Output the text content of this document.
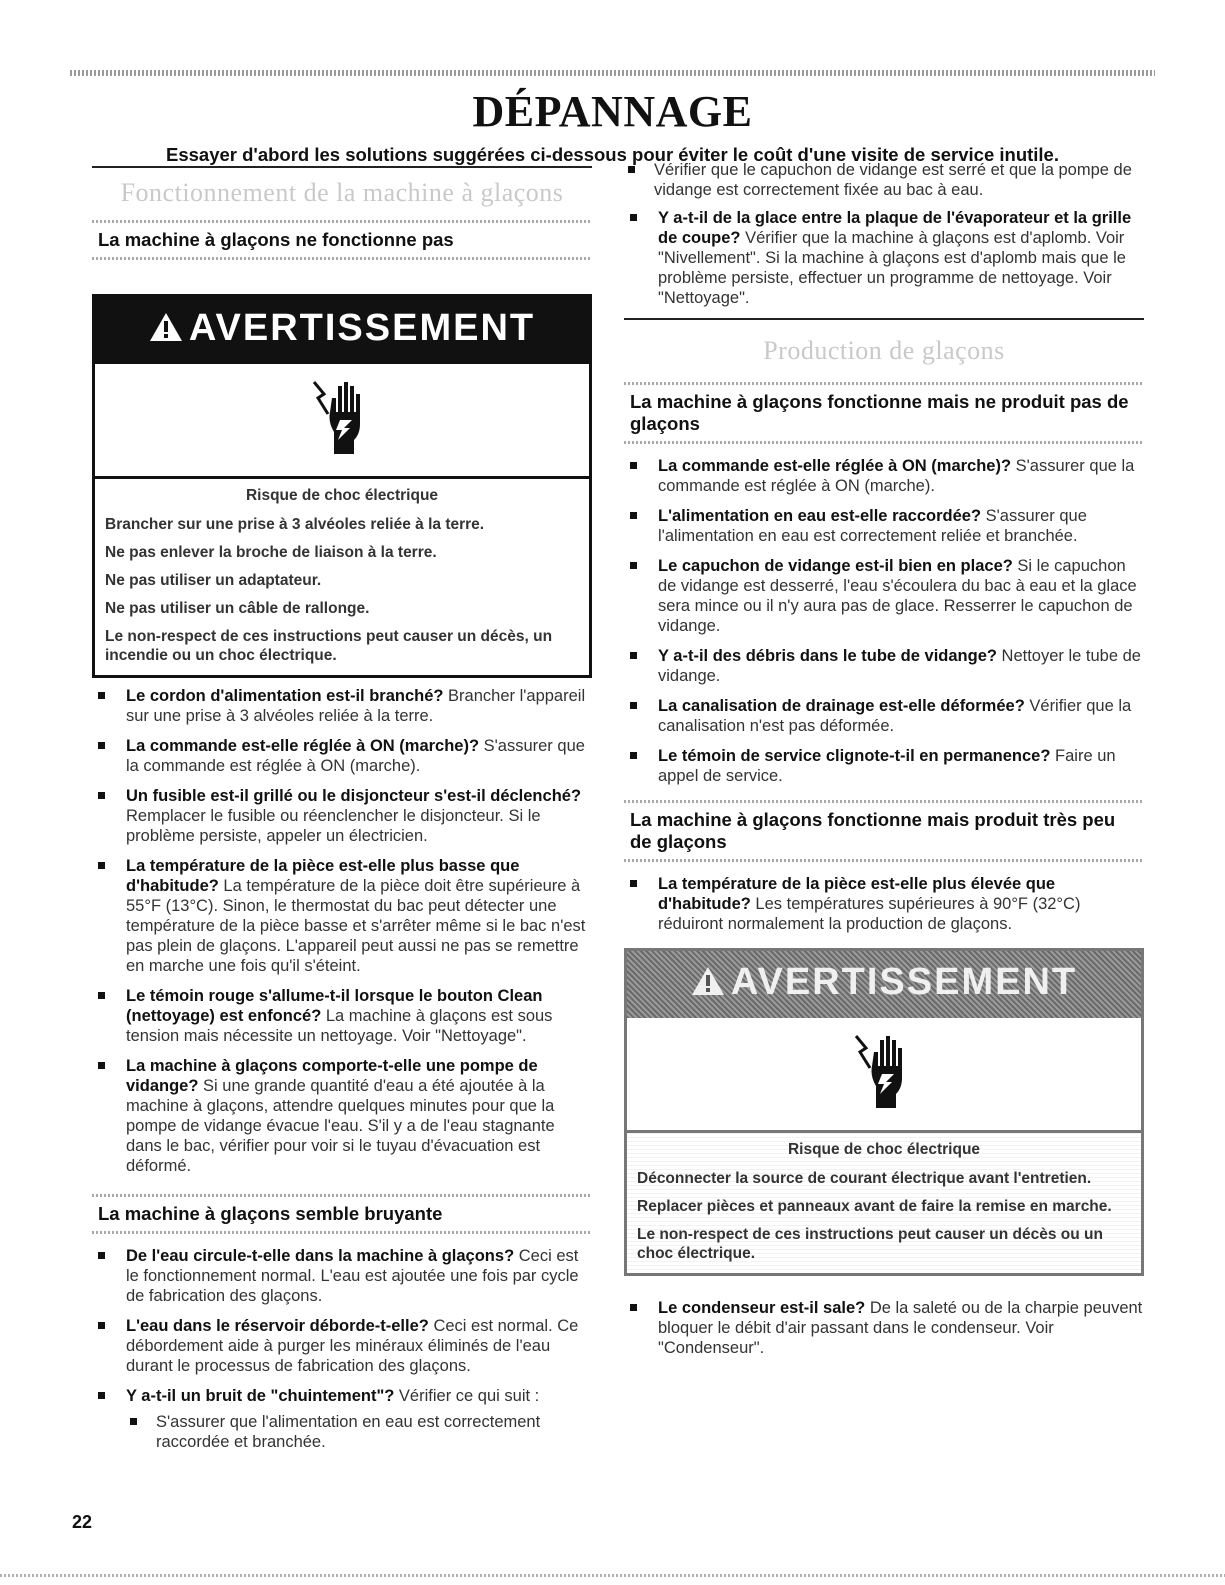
DÉPANNAGE
Essayer d'abord les solutions suggérées ci-dessous pour éviter le coût d'une visite de service inutile.

Fonctionnement de la machine à glaçons

La machine à glaçons ne fonctionne pas

AVERTISSEMENT

Risque de choc électrique

Brancher sur une prise à 3 alvéoles reliée à la terre.

Ne pas enlever la broche de liaison à la terre.

Ne pas utiliser un adaptateur.

Ne pas utiliser un câble de rallonge.

Le non-respect de ces instructions peut causer un décès, un incendie ou un choc électrique.

Le cordon d'alimentation est-il branché? Brancher l'appareil sur une prise à 3 alvéoles reliée à la terre.
La commande est-elle réglée à ON (marche)? S'assurer que la commande est réglée à ON (marche).
Un fusible est-il grillé ou le disjoncteur s'est-il déclenché? Remplacer le fusible ou réenclencher le disjoncteur. Si le problème persiste, appeler un électricien.
La température de la pièce est-elle plus basse que d'habitude? La température de la pièce doit être supérieure à 55°F (13°C). Sinon, le thermostat du bac peut détecter une température de la pièce basse et s'arrêter même si le bac n'est pas plein de glaçons. L'appareil peut aussi ne pas se remettre en marche une fois qu'il s'éteint.
Le témoin rouge s'allume-t-il lorsque le bouton Clean (nettoyage) est enfoncé? La machine à glaçons est sous tension mais nécessite un nettoyage. Voir "Nettoyage".
La machine à glaçons comporte-t-elle une pompe de vidange? Si une grande quantité d'eau a été ajoutée à la machine à glaçons, attendre quelques minutes pour que la pompe de vidange évacue l'eau. S'il y a de l'eau stagnante dans le bac, vérifier pour voir si le tuyau d'évacuation est déformé.

La machine à glaçons semble bruyante

De l'eau circule-t-elle dans la machine à glaçons? Ceci est le fonctionnement normal. L'eau est ajoutée une fois par cycle de fabrication des glaçons.
L'eau dans le réservoir déborde-t-elle? Ceci est normal. Ce débordement aide à purger les minéraux éliminés de l'eau durant le processus de fabrication des glaçons.
Y a-t-il un bruit de "chuintement"? Vérifier ce qui suit :
S'assurer que l'alimentation en eau est correctement raccordée et branchée.
Vérifier que le capuchon de vidange est serré et que la pompe de vidange est correctement fixée au bac à eau.
Y a-t-il de la glace entre la plaque de l'évaporateur et la grille de coupe? Vérifier que la machine à glaçons est d'aplomb. Voir "Nivellement". Si la machine à glaçons est d'aplomb mais que le problème persiste, effectuer un programme de nettoyage. Voir "Nettoyage".

Production de glaçons

La machine à glaçons fonctionne mais ne produit pas de glaçons

La commande est-elle réglée à ON (marche)? S'assurer que la commande est réglée à ON (marche).
L'alimentation en eau est-elle raccordée? S'assurer que l'alimentation en eau est correctement reliée et branchée.
Le capuchon de vidange est-il bien en place? Si le capuchon de vidange est desserré, l'eau s'écoulera du bac à eau et la glace sera mince ou il n'y aura pas de glace. Resserrer le capuchon de vidange.
Y a-t-il des débris dans le tube de vidange? Nettoyer le tube de vidange.
La canalisation de drainage est-elle déformée? Vérifier que la canalisation n'est pas déformée.
Le témoin de service clignote-t-il en permanence? Faire un appel de service.

La machine à glaçons fonctionne mais produit très peu de glaçons

La température de la pièce est-elle plus élevée que d'habitude? Les températures supérieures à 90°F (32°C) réduiront normalement la production de glaçons.
AVERTISSEMENT

Risque de choc électrique

Déconnecter la source de courant électrique avant l'entretien.

Replacer pièces et panneaux avant de faire la remise en marche.

Le non-respect de ces instructions peut causer un décès ou un choc électrique.

Le condenseur est-il sale? De la saleté ou de la charpie peuvent bloquer le débit d'air passant dans le condenseur. Voir "Condenseur".
22
